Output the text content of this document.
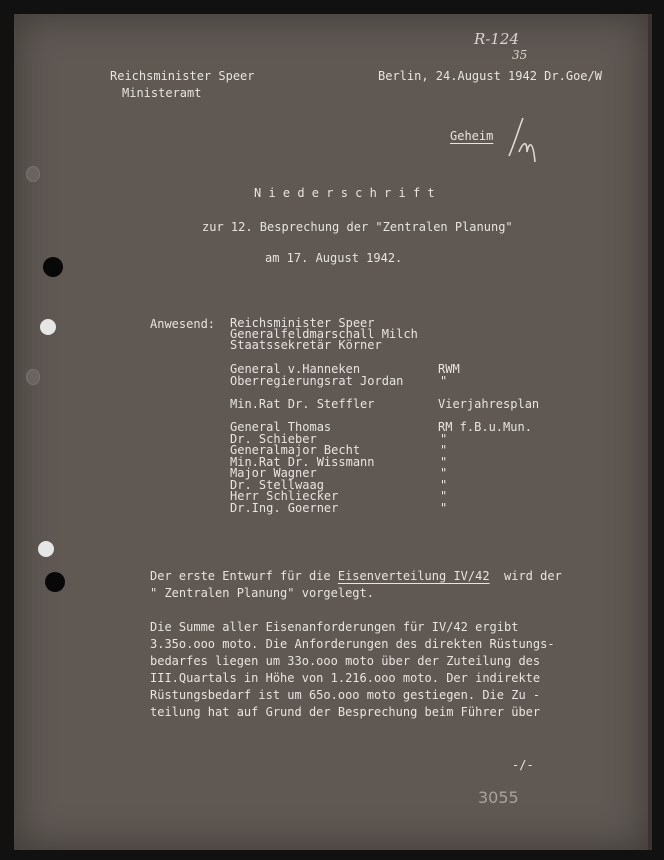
Reichsminister Speer
Ministeramt
Berlin, 24.August 1942 Dr.Goe/W
R-124
35
Geheim
N i e d e r s c h r i f t
zur 12. Besprechung der "Zentralen Planung"
am 17. August 1942.
Anwesend: Reichsminister Speer
Generalfeldmarschall Milch
Staatssekretär Körner
General v.Hanneken	RWM
Oberregierungsrat Jordan	"
Min.Rat Dr. Steffler	Vierjahresplan
General Thomas	RM f.B.u.Mun.
Dr. Schieber	"
Generalmajor Becht	"
Min.Rat Dr. Wissmann	"
Major Wagner	"
Dr. Stellwaag	"
Herr Schliecker	"
Dr.Ing. Goerner	"
Der erste Entwurf für die Eisenverteilung IV/42  wird der
" Zentralen Planung" vorgelegt.
Die Summe aller Eisenanforderungen für IV/42 ergibt
3.35o.ooo moto. Die Anforderungen des direkten Rüstungs-
bedarfes liegen um 33o.ooo moto über der Zuteilung des
III.Quartals in Höhe von 1.216.ooo moto. Der indirekte
Rüstungsbedarf ist um 65o.ooo moto gestiegen. Die Zu -
teilung hat auf Grund der Besprechung beim Führer über
-/-
3055
